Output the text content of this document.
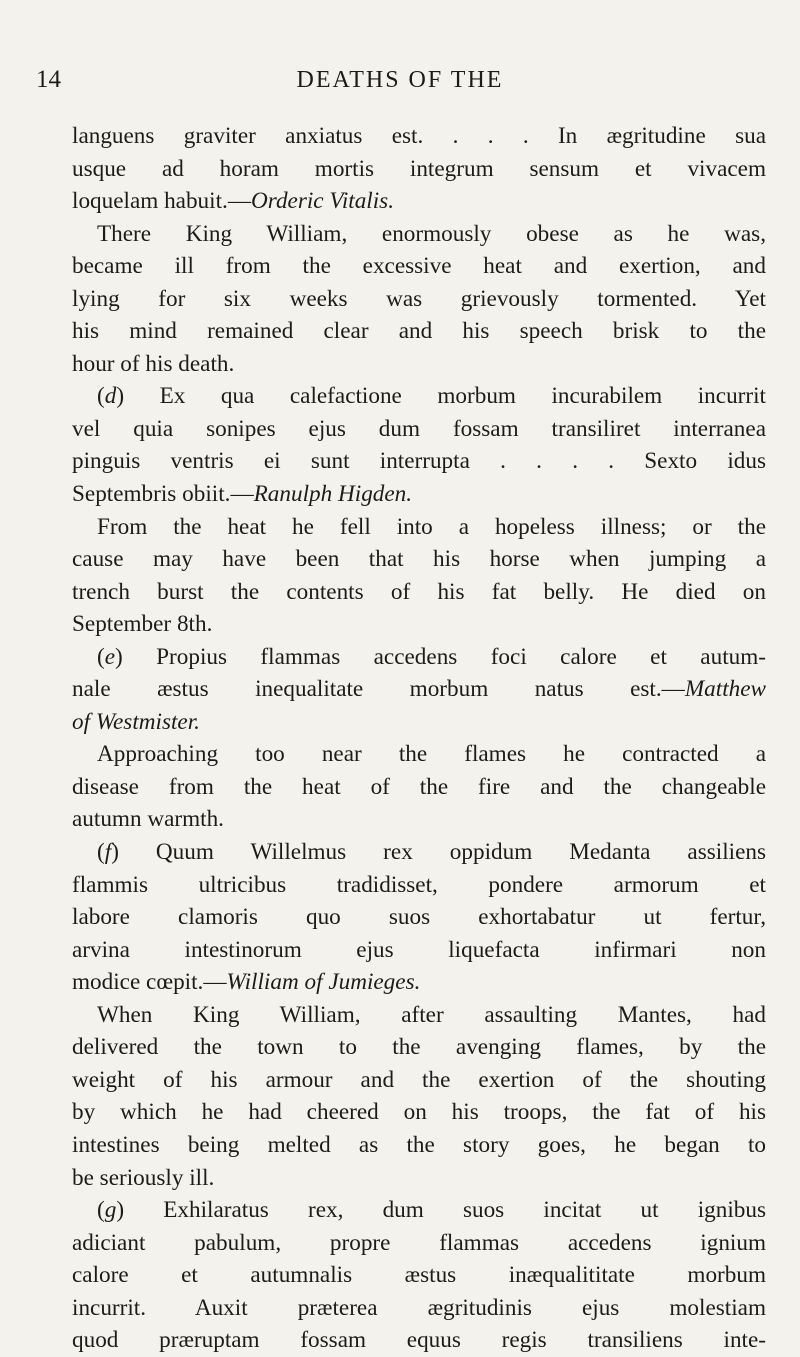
14	DEATHS OF THE
languens graviter anxiatus est. . . . In ægritudine sua
usque ad horam mortis integrum sensum et vivacem
loquelam habuit.—Orderic Vitalis.
There King William, enormously obese as he was,
became ill from the excessive heat and exertion, and
lying for six weeks was grievously tormented. Yet
his mind remained clear and his speech brisk to the
hour of his death.
(d) Ex qua calefactione morbum incurabilem incurrit
vel quia sonipes ejus dum fossam transiliret interranea
pinguis ventris ei sunt interrupta . . . . Sexto idus
Septembris obiit.—Ranulph Higden.
From the heat he fell into a hopeless illness; or the
cause may have been that his horse when jumping a
trench burst the contents of his fat belly. He died on
September 8th.
(e) Propius flammas accedens foci calore et autum-
nale æstus inequalitate morbum natus est.—Matthew
of Westmister.
Approaching too near the flames he contracted a
disease from the heat of the fire and the changeable
autumn warmth.
(f) Quum Willelmus rex oppidum Medanta assiliens
flammis ultricibus tradidisset, pondere armorum et
labore clamoris quo suos exhortabatur ut fertur,
arvina intestinorum ejus liquefacta infirmari non
modice cœpit.—William of Jumieges.
When King William, after assaulting Mantes, had
delivered the town to the avenging flames, by the
weight of his armour and the exertion of the shouting
by which he had cheered on his troops, the fat of his
intestines being melted as the story goes, he began to
be seriously ill.
(g) Exhilaratus rex, dum suos incitat ut ignibus
adiciant pabulum, propre flammas accedens ignium
calore et autumnalis æstus inæqualititate morbum
incurrit. Auxit præterea ægritudinis ejus molestiam
quod præruptam fossam equus regis transiliens inte-
